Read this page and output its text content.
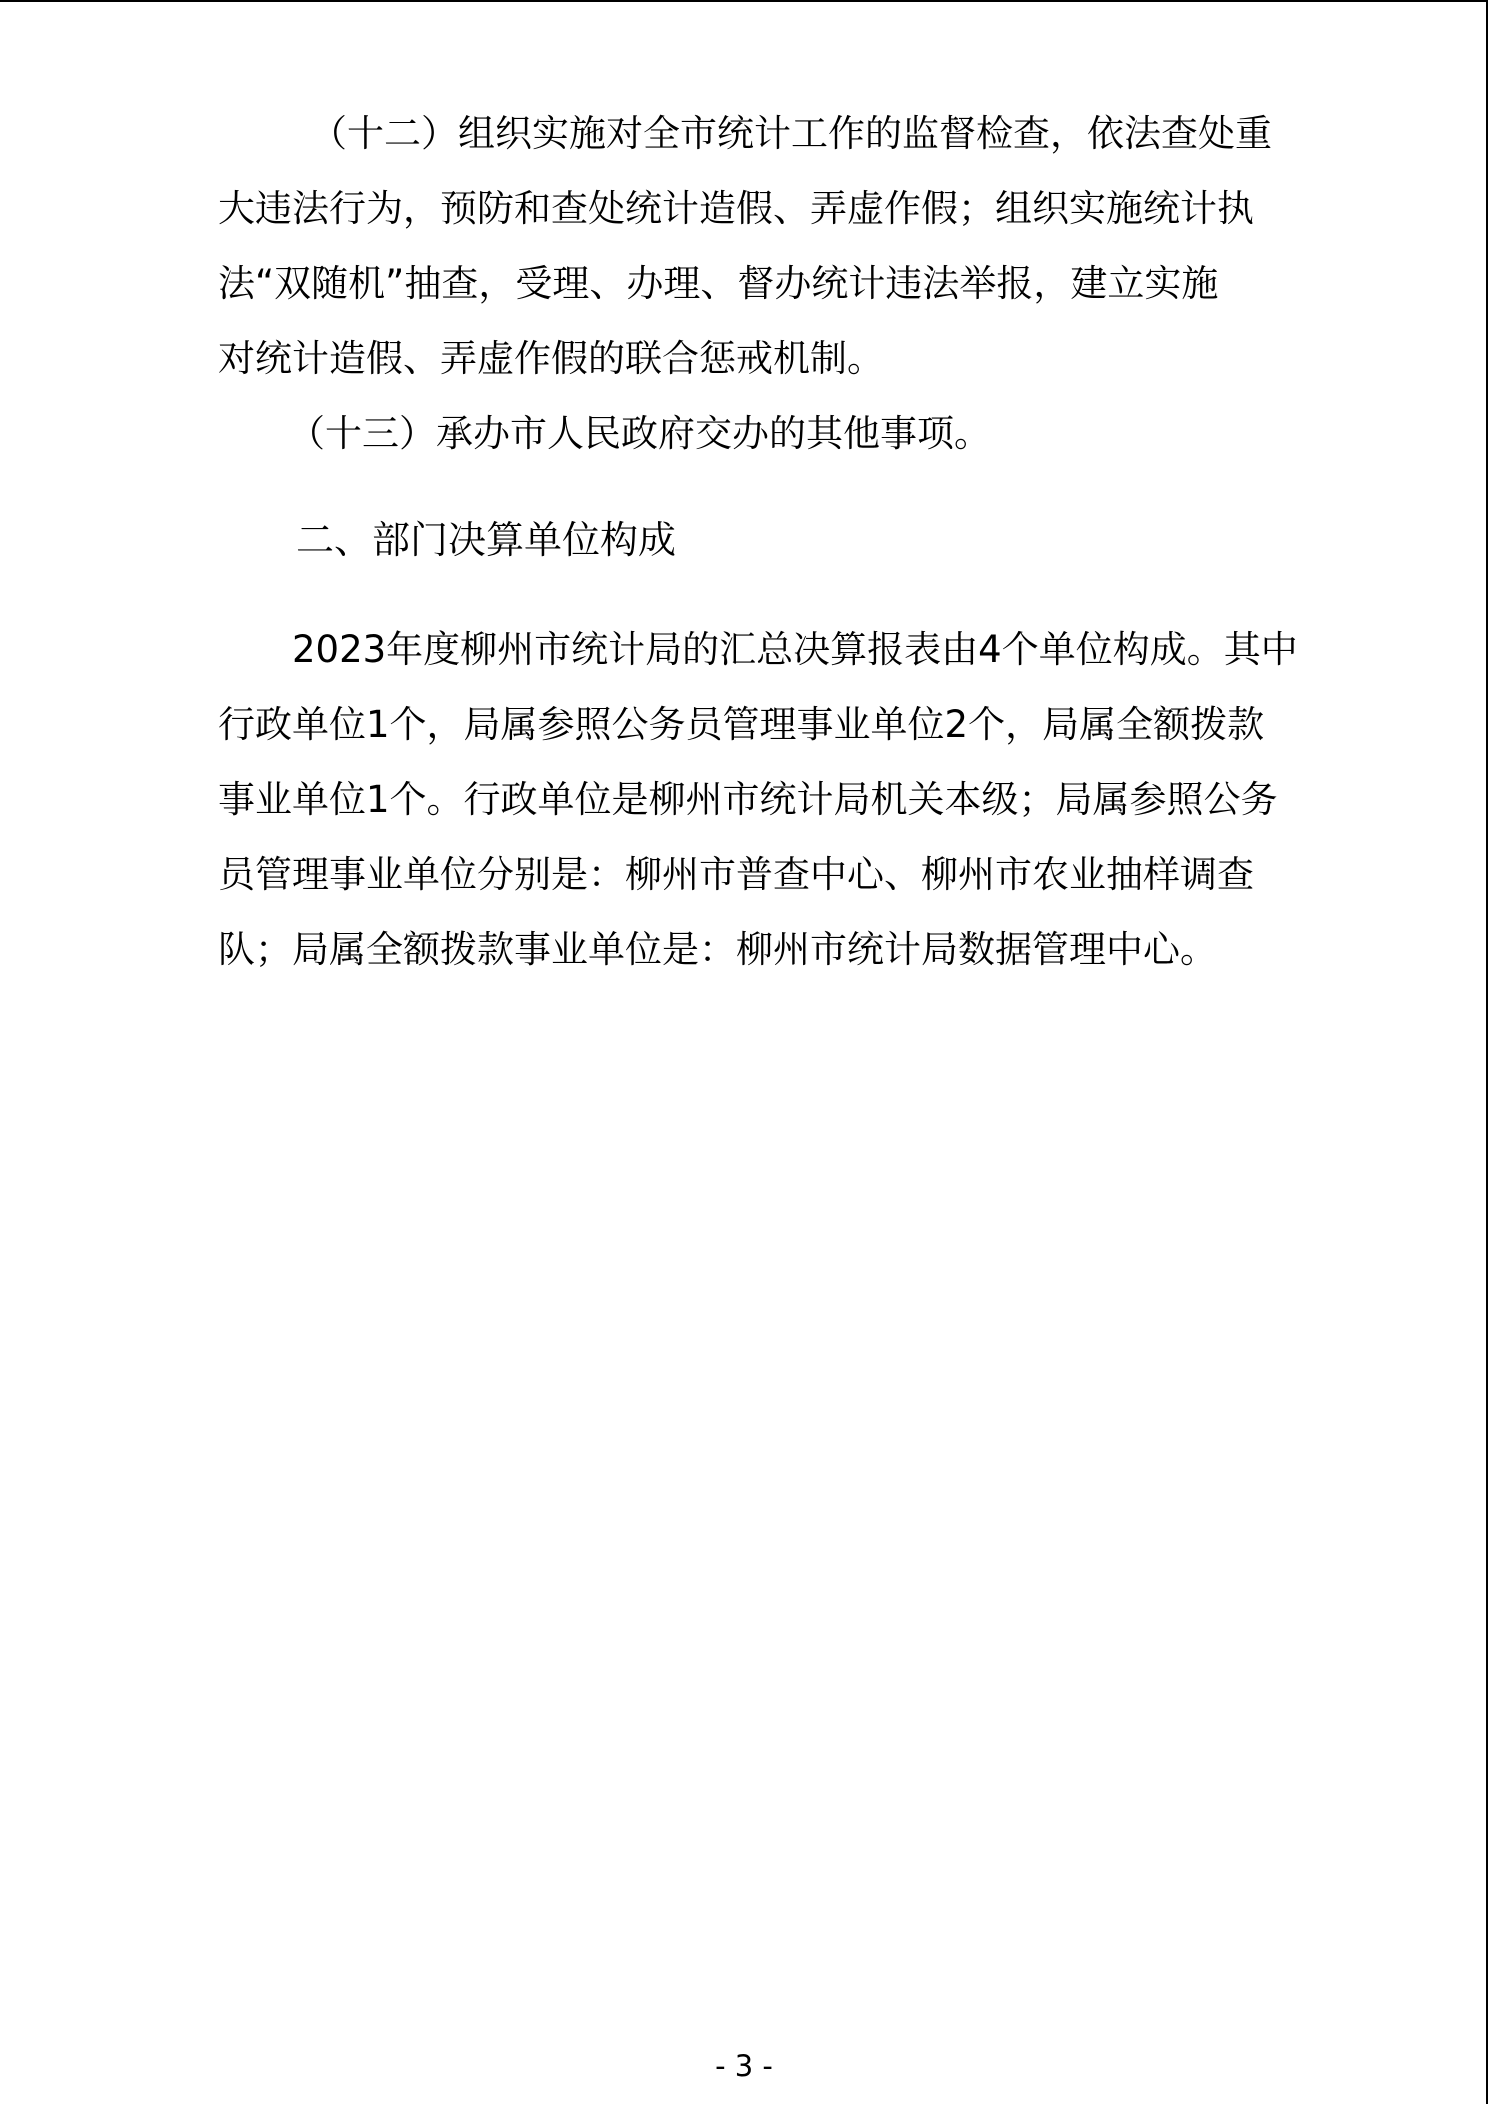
（十二）组织实施对全市统计工作的监督检查，依法查处重
大违法行为，预防和查处统计造假、弄虚作假；组织实施统计执
法“双随机”抽查，受理、办理、督办统计违法举报，建立实施
对统计造假、弄虚作假的联合惩戒机制。

（十三）承办市人民政府交办的其他事项。

二、部门决算单位构成

2023年度柳州市统计局的汇总决算报表由4个单位构成。其中
行政单位1个，局属参照公务员管理事业单位2个，局属全额拨款
事业单位1个。行政单位是柳州市统计局机关本级；局属参照公务
员管理事业单位分别是：柳州市普查中心、柳州市农业抽样调查
队；局属全额拨款事业单位是：柳州市统计局数据管理中心。

- 3 -
